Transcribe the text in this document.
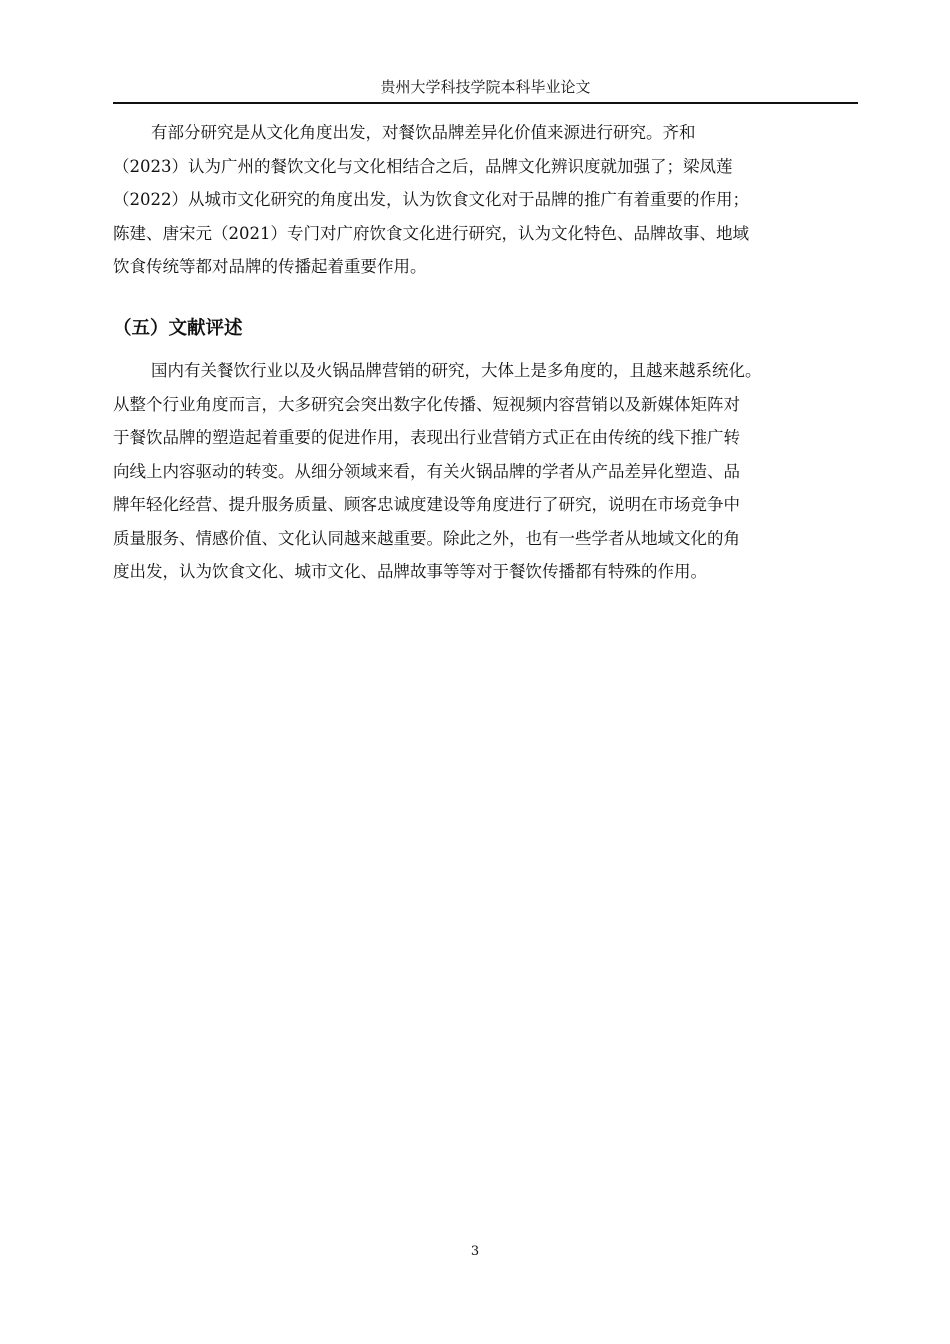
贵州大学科技学院本科毕业论文

有部分研究是从文化角度出发，对餐饮品牌差异化价值来源进行研究。齐和
（2023）认为广州的餐饮文化与文化相结合之后，品牌文化辨识度就加强了；梁凤莲
（2022）从城市文化研究的角度出发，认为饮食文化对于品牌的推广有着重要的作用；
陈建、唐宋元（2021）专门对广府饮食文化进行研究，认为文化特色、品牌故事、地域
饮食传统等都对品牌的传播起着重要作用。

（五）文献评述

国内有关餐饮行业以及火锅品牌营销的研究，大体上是多角度的，且越来越系统化。
从整个行业角度而言，大多研究会突出数字化传播、短视频内容营销以及新媒体矩阵对
于餐饮品牌的塑造起着重要的促进作用，表现出行业营销方式正在由传统的线下推广转
向线上内容驱动的转变。从细分领域来看，有关火锅品牌的学者从产品差异化塑造、品
牌年轻化经营、提升服务质量、顾客忠诚度建设等角度进行了研究，说明在市场竞争中
质量服务、情感价值、文化认同越来越重要。除此之外，也有一些学者从地域文化的角
度出发，认为饮食文化、城市文化、品牌故事等等对于餐饮传播都有特殊的作用。

3
